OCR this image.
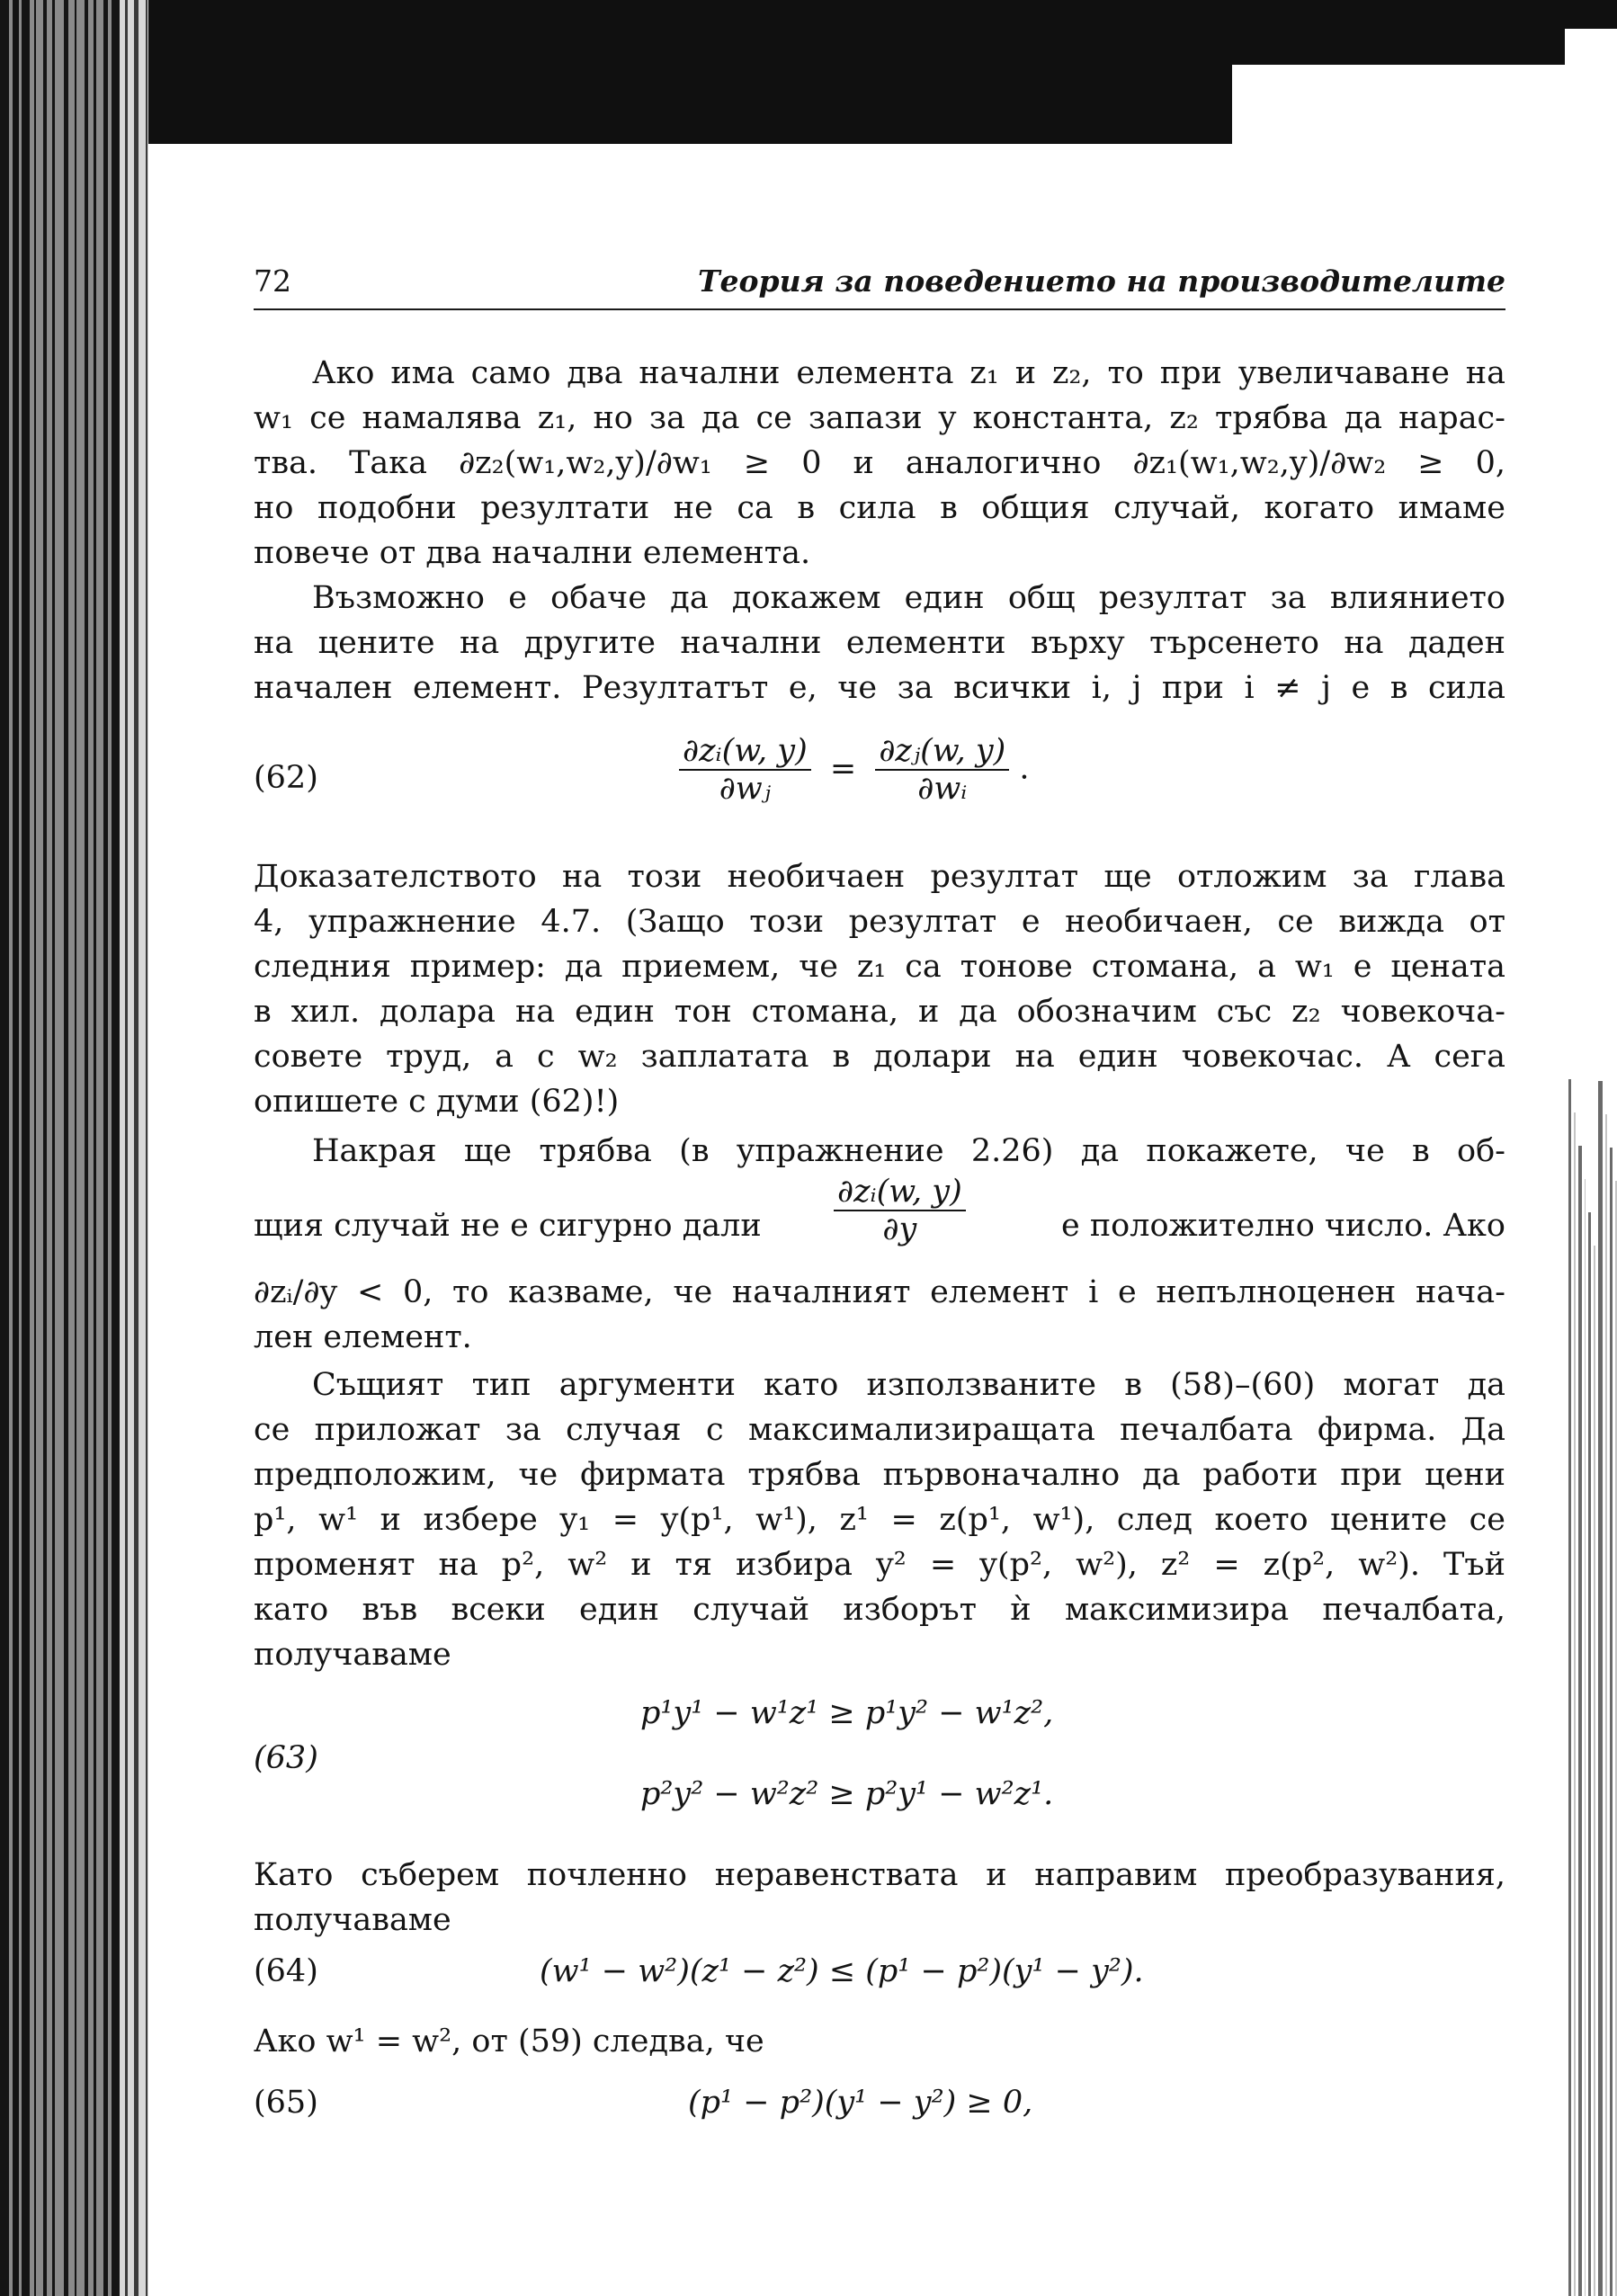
72	Теория за поведението на производителите
Ако има само два начални елемента z₁ и z₂, то при увеличаване на
w₁ се намалява z₁, но за да се запази y константа, z₂ трябва да нарас-
тва. Така ∂z₂(w₁,w₂,y)/∂w₁ ≥ 0 и аналогично ∂z₁(w₁,w₂,y)/∂w₂ ≥ 0,
но подобни резултати не са в сила в общия случай, когато имаме
повече от два начални елемента.
Възможно е обаче да докажем един общ резултат за влиянието
на цените на другите начални елементи върху търсенето на даден
начален елемент. Резултатът е, че за всички i, j при i ≠ j е в сила
(62)	$\frac{\text{∂zᵢ(w, y)}}{\text{∂wⱼ}} = \frac{\text{∂zⱼ(w, y)}}{\text{∂wᵢ}}$ .
Доказателството на този необичаен резултат ще отложим за глава
4, упражнение 4.7. (Защо този резултат е необичаен, се вижда от
следния пример: да приемем, че z₁ са тонове стомана, а w₁ е цената
в хил. долара на един тон стомана, и да обозначим със z₂ човекоча-
совете труд, а с w₂ заплатата в долари на един човекочас. А сега
опишете с думи (62)!)
Накрая ще трябва (в упражнение 2.26) да покажете, че в об-
щия случай не е сигурно дали $\frac{\text{∂zᵢ(w, y)}}{\partial y}$	е положително число. Ако
∂zᵢ/∂y < 0, то казваме, че началният елемент i е непълноценен нача-
лен елемент.
Същият тип аргументи като използваните в (58)–(60) могат да
се приложат за случая с максимализиращата печалбата фирма. Да
предположим, че фирмата трябва първоначално да работи при цени
p¹, w¹ и избере y₁ = y(p¹, w¹), z¹ = z(p¹, w¹), след което цените се
променят на p², w² и тя избира y² = y(p², w²), z² = z(p², w²). Тъй
като във всеки един случай изборът ѝ максимизира печалбата,
получаваме
(63)
p¹y¹ − w¹z¹ ≥ p¹y² − w¹z²,
p²y² − w²z² ≥ p²y¹ − w²z¹.
Като съберем почленно неравенствата и направим преобразувания,
получаваме
(64)	(w¹ − w²)(z¹ − z²) ≤ (p¹ − p²)(y¹ − y²).
Ако w¹ = w², от (59) следва, че
(65)	(p¹ − p²)(y¹ − y²) ≥ 0,
